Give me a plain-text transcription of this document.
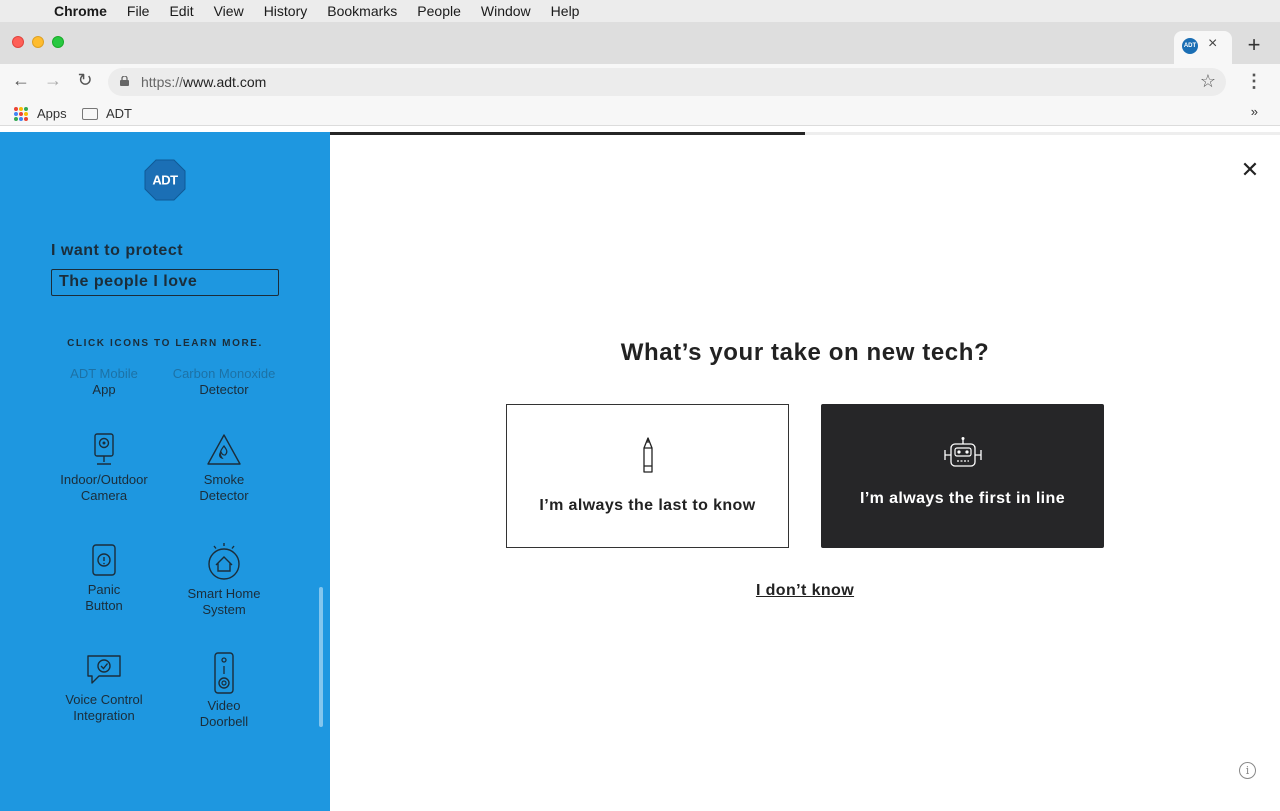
Chrome File Edit View History Bookmarks People Window Help
ADT × +
← → ↻	https://www.adt.com	☆ ⋮
Apps	ADT	»
ADT
I want to protect
The people I love
CLICK ICONS TO LEARN MORE.
ADT Mobile
App
Carbon Monoxide
Detector
Indoor/Outdoor
Camera
Smoke
Detector
Panic
Button
Smart Home
System
Voice Control
Integration
Video
Doorbell
✕
What’s your take on new tech?
I’m always the last to know	I’m always the first in line
I don’t know
i
